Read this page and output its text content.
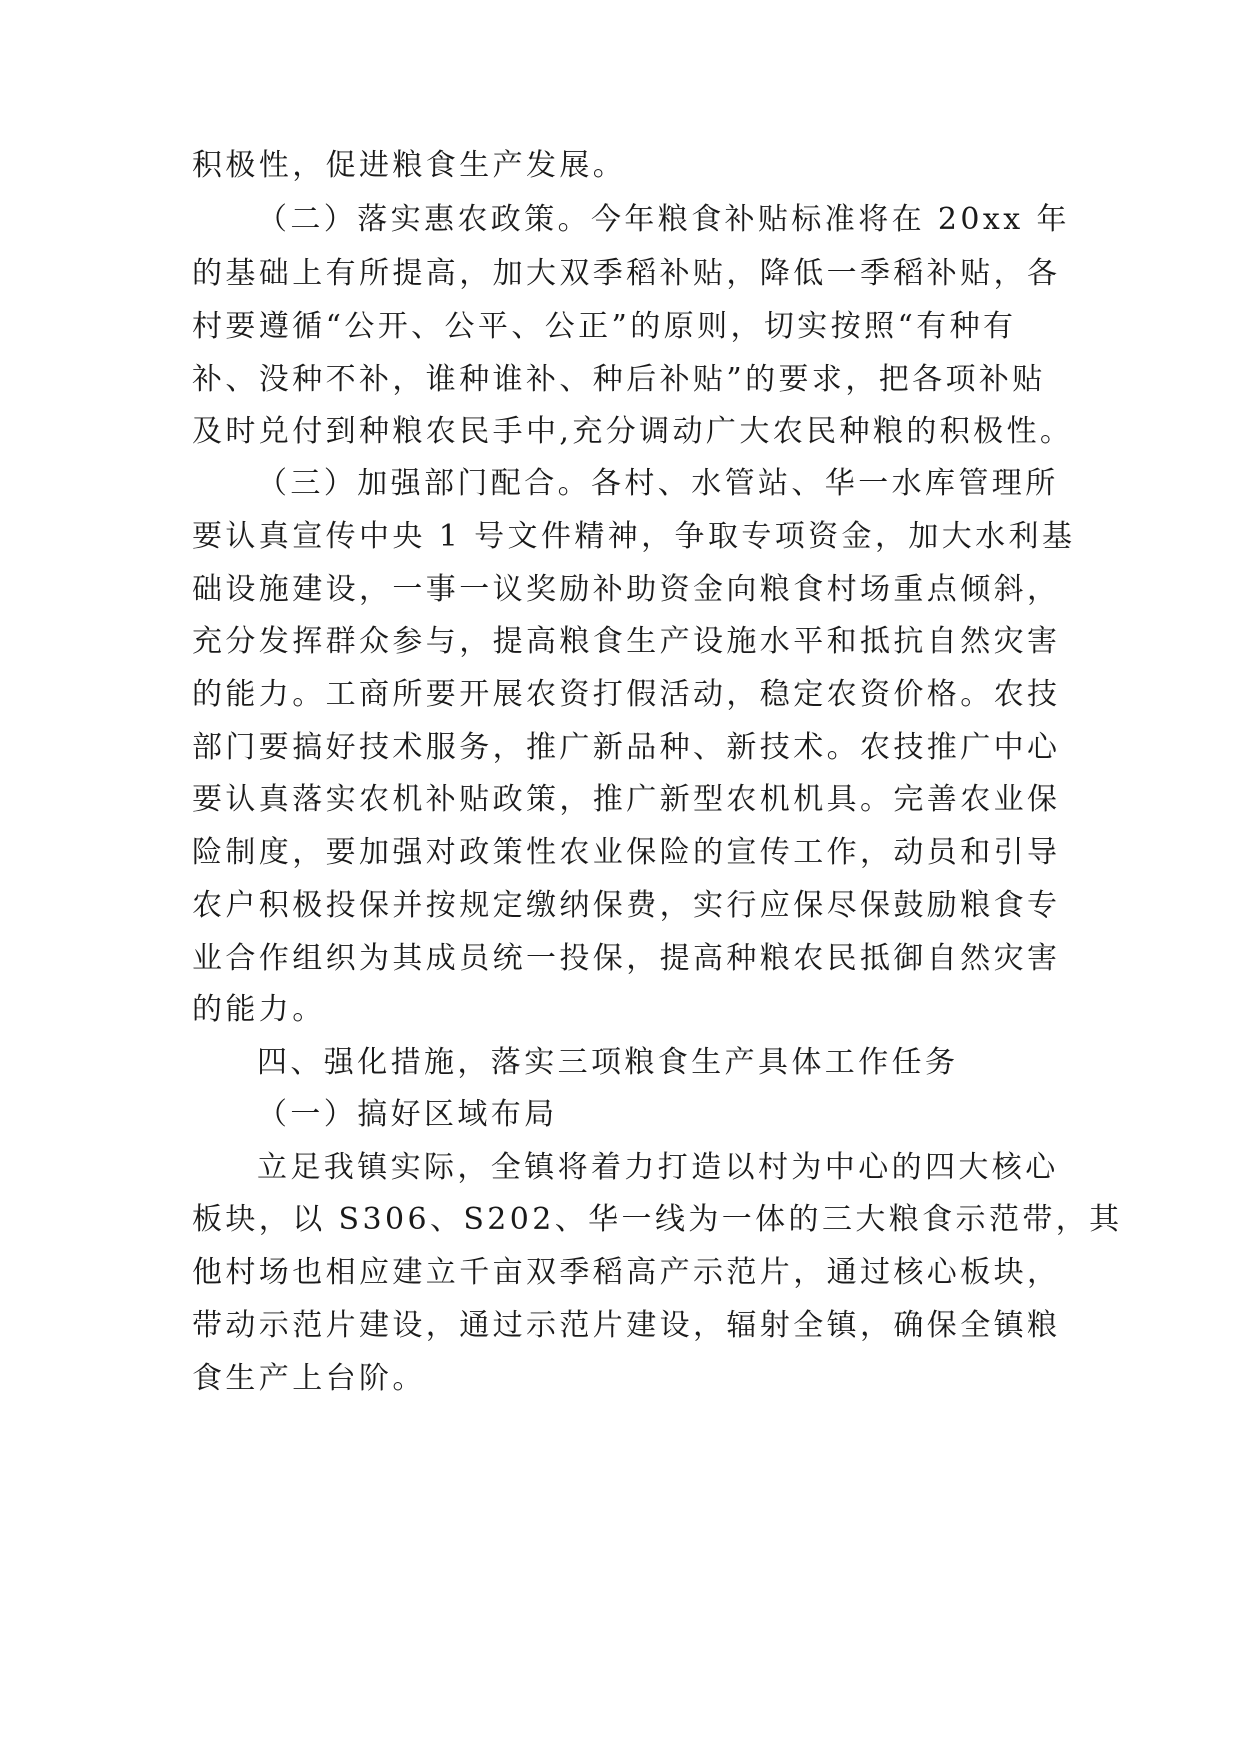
积极性，促进粮食生产发展。

（二）落实惠农政策。今年粮食补贴标准将在 20xx 年

的基础上有所提高，加大双季稻补贴，降低一季稻补贴，各

村要遵循“公开、公平、公正”的原则，切实按照“有种有

补、没种不补，谁种谁补、种后补贴”的要求，把各项补贴

及时兑付到种粮农民手中,充分调动广大农民种粮的积极性。

（三）加强部门配合。各村、水管站、华一水库管理所

要认真宣传中央 1 号文件精神，争取专项资金，加大水利基

础设施建设，一事一议奖励补助资金向粮食村场重点倾斜，

充分发挥群众参与，提高粮食生产设施水平和抵抗自然灾害

的能力。工商所要开展农资打假活动，稳定农资价格。农技

部门要搞好技术服务，推广新品种、新技术。农技推广中心

要认真落实农机补贴政策，推广新型农机机具。完善农业保

险制度，要加强对政策性农业保险的宣传工作，动员和引导

农户积极投保并按规定缴纳保费，实行应保尽保鼓励粮食专

业合作组织为其成员统一投保，提高种粮农民抵御自然灾害

的能力。

四、强化措施，落实三项粮食生产具体工作任务

（一）搞好区域布局

立足我镇实际，全镇将着力打造以村为中心的四大核心

板块，以 S306、S202、华一线为一体的三大粮食示范带，其

他村场也相应建立千亩双季稻高产示范片，通过核心板块，

带动示范片建设，通过示范片建设，辐射全镇，确保全镇粮

食生产上台阶。
